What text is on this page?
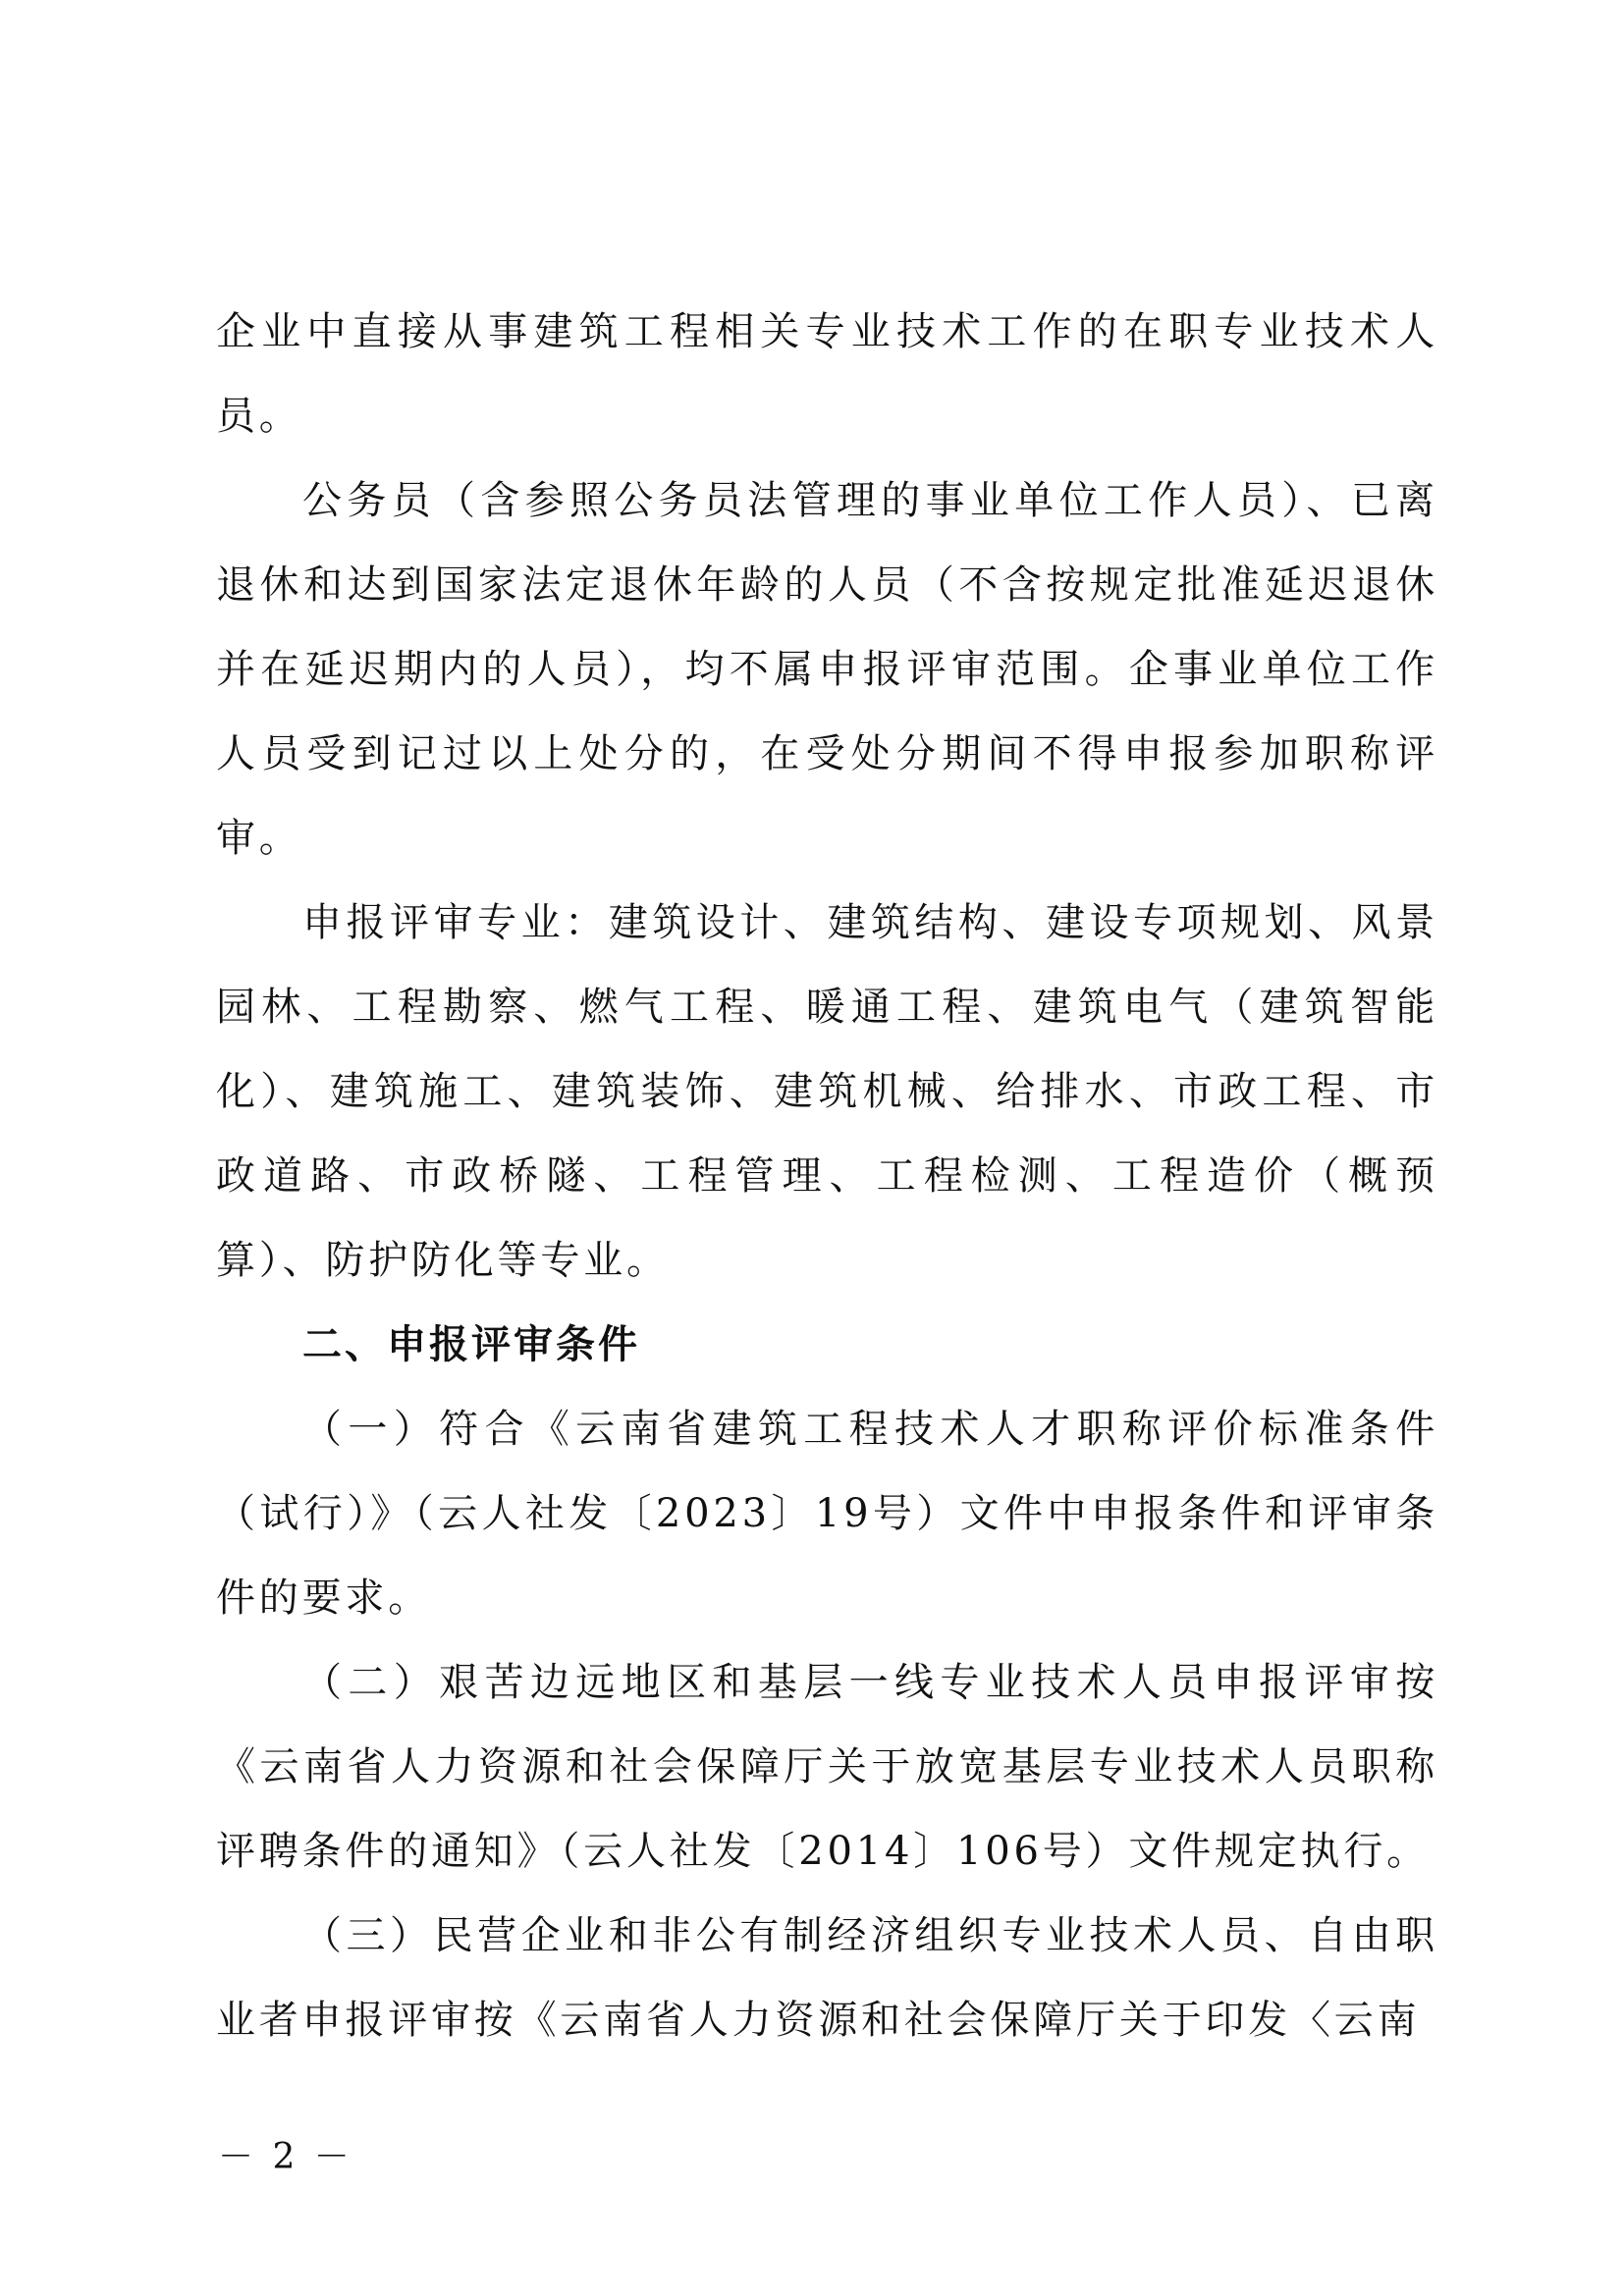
企业中直接从事建筑工程相关专业技术工作的在职专业技术人员。

公务员（含参照公务员法管理的事业单位工作人员）、已离退休和达到国家法定退休年龄的人员（不含按规定批准延迟退休并在延迟期内的人员），均不属申报评审范围。企事业单位工作人员受到记过以上处分的，在受处分期间不得申报参加职称评审。

申报评审专业：建筑设计、建筑结构、建设专项规划、风景园林、工程勘察、燃气工程、暖通工程、建筑电气（建筑智能化）、建筑施工、建筑装饰、建筑机械、给排水、市政工程、市政道路、市政桥隧、工程管理、工程检测、工程造价（概预算）、防护防化等专业。

二、申报评审条件

（一）符合《云南省建筑工程技术人才职称评价标准条件（试行）》（云人社发〔2023〕19号）文件中申报条件和评审条件的要求。

（二）艰苦边远地区和基层一线专业技术人员申报评审按《云南省人力资源和社会保障厅关于放宽基层专业技术人员职称评聘条件的通知》（云人社发〔2014〕106号）文件规定执行。

（三）民营企业和非公有制经济组织专业技术人员、自由职业者申报评审按《云南省人力资源和社会保障厅关于印发〈云南

－ 2 －
